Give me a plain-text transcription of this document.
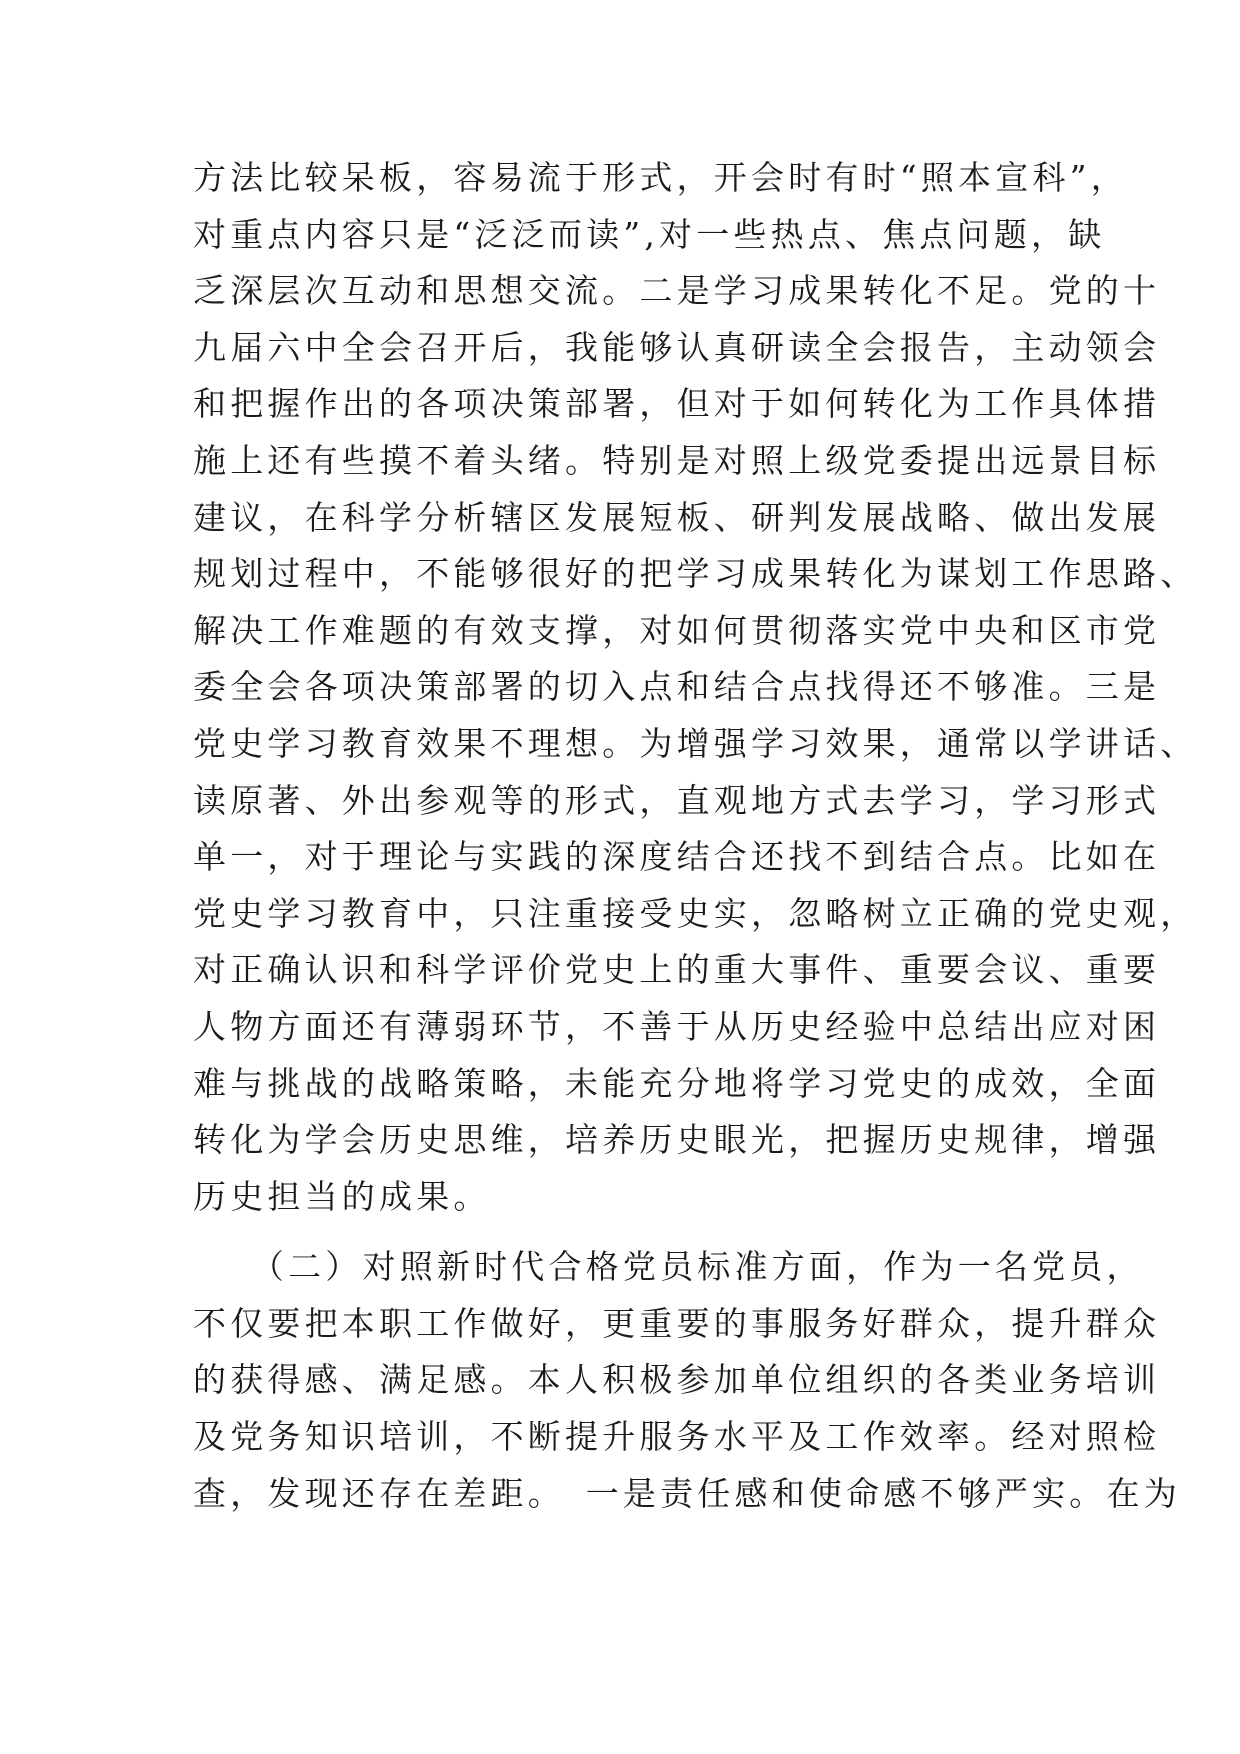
方法比较呆板，容易流于形式，开会时有时“照本宣科”，
对重点内容只是“泛泛而读”,对一些热点、焦点问题，缺
乏深层次互动和思想交流。二是学习成果转化不足。党的十
九届六中全会召开后，我能够认真研读全会报告，主动领会
和把握作出的各项决策部署，但对于如何转化为工作具体措
施上还有些摸不着头绪。特别是对照上级党委提出远景目标
建议，在科学分析辖区发展短板、研判发展战略、做出发展
规划过程中，不能够很好的把学习成果转化为谋划工作思路、
解决工作难题的有效支撑，对如何贯彻落实党中央和区市党
委全会各项决策部署的切入点和结合点找得还不够准。三是
党史学习教育效果不理想。为增强学习效果，通常以学讲话、
读原著、外出参观等的形式，直观地方式去学习，学习形式
单一，对于理论与实践的深度结合还找不到结合点。比如在
党史学习教育中，只注重接受史实，忽略树立正确的党史观，
对正确认识和科学评价党史上的重大事件、重要会议、重要
人物方面还有薄弱环节，不善于从历史经验中总结出应对困
难与挑战的战略策略，未能充分地将学习党史的成效，全面
转化为学会历史思维，培养历史眼光，把握历史规律，增强
历史担当的成果。
　　（二）对照新时代合格党员标准方面，作为一名党员，
不仅要把本职工作做好，更重要的事服务好群众，提升群众
的获得感、满足感。本人积极参加单位组织的各类业务培训
及党务知识培训，不断提升服务水平及工作效率。经对照检
查，发现还存在差距。　一是责任感和使命感不够严实。在为
